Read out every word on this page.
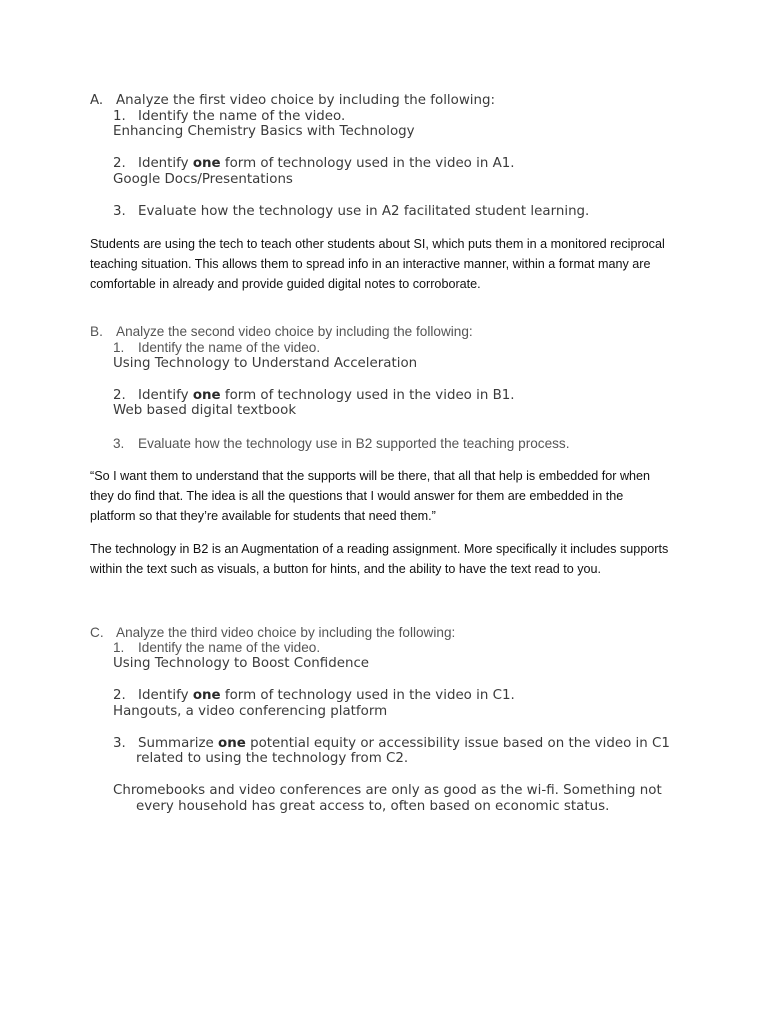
A. Analyze the first video choice by including the following:
1. Identify the name of the video.
Enhancing Chemistry Basics with Technology
2. Identify one form of technology used in the video in A1.
Google Docs/Presentations
3. Evaluate how the technology use in A2 facilitated student learning.
Students are using the tech to teach other students about SI, which puts them in a monitored reciprocal
teaching situation. This allows them to spread info in an interactive manner, within a format many are
comfortable in already and provide guided digital notes to corroborate.
B. Analyze the second video choice by including the following:
1. Identify the name of the video.
Using Technology to Understand Acceleration
2. Identify one form of technology used in the video in B1.
Web based digital textbook
3. Evaluate how the technology use in B2 supported the teaching process.
“So I want them to understand that the supports will be there, that all that help is embedded for when
they do find that. The idea is all the questions that I would answer for them are embedded in the
platform so that they’re available for students that need them.”
The technology in B2 is an Augmentation of a reading assignment. More specifically it includes supports
within the text such as visuals, a button for hints, and the ability to have the text read to you.
C. Analyze the third video choice by including the following:
1. Identify the name of the video.
Using Technology to Boost Confidence
2. Identify one form of technology used in the video in C1.
Hangouts, a video conferencing platform
3. Summarize one potential equity or accessibility issue based on the video in C1
related to using the technology from C2.
Chromebooks and video conferences are only as good as the wi-fi. Something not
every household has great access to, often based on economic status.
